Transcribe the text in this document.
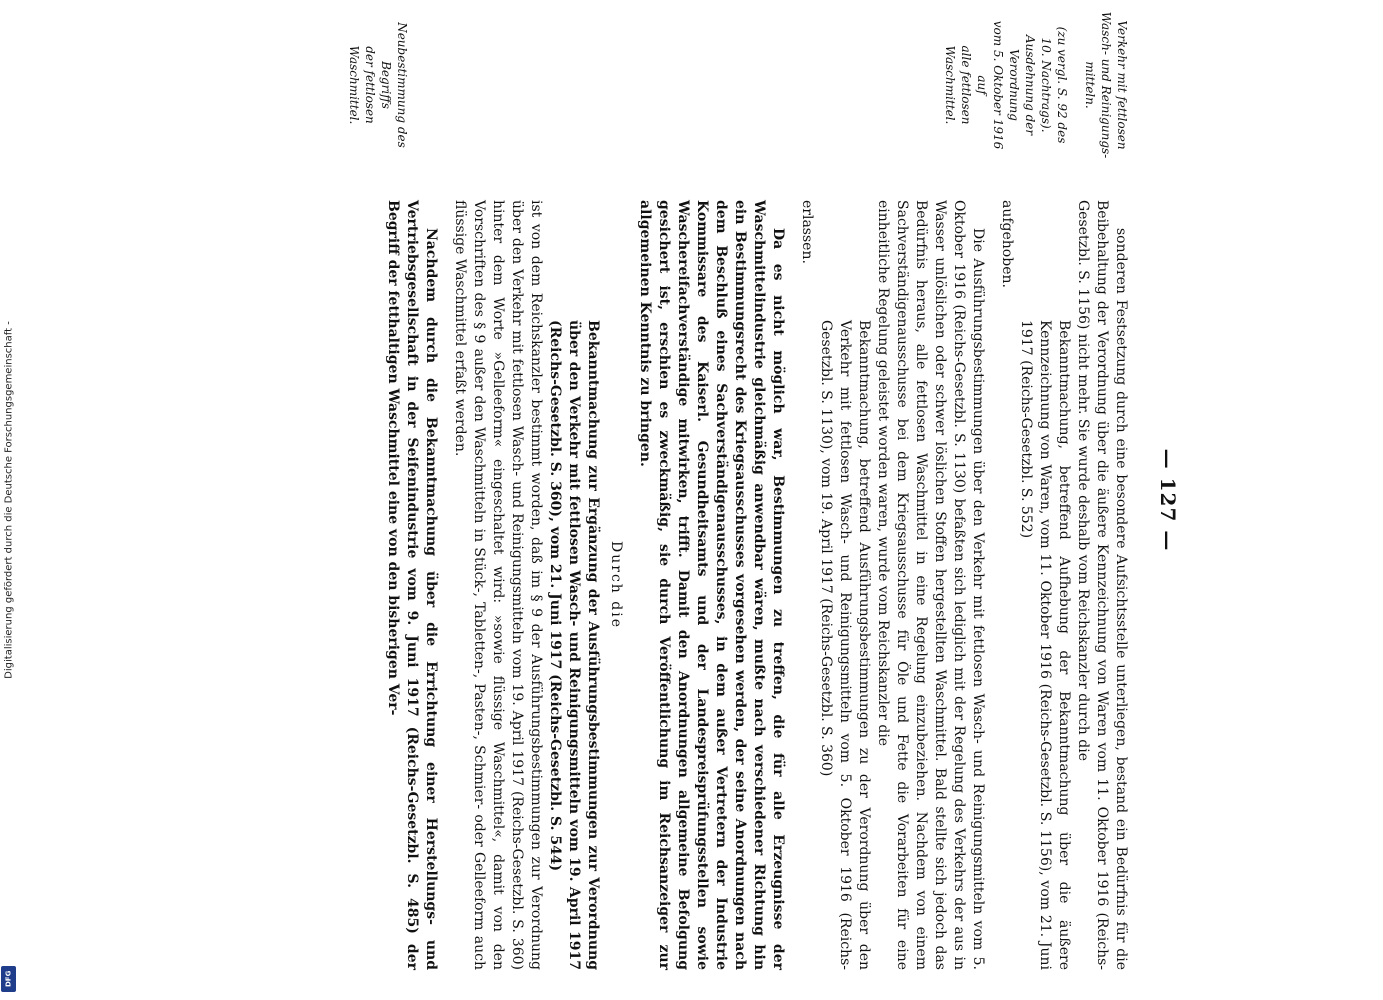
Digitalisierung gefördert durch die Deutsche Forschungsgemeinschaft -
DFG
— 127 —
Verkehr mit fettlosen
Wasch- und Reinigungs-
mitteln.
(zu vergl. S. 92 des
10. Nachtrags).
Ausdehnung der Verordnung
vom 5. Oktober 1916 auf
alle fettlosen Waschmittel.
Neubestimmung des Begriffs
der fettlosen Waschmittel.

sonderen Festsetzung durch eine besondere Aufsichtsstelle unterliegen, bestand ein Bedürfnis für die Beibehaltung der Verordnung über die äußere Kennzeichnung von Waren vom 11. Oktober 1916 (Reichs-Gesetzbl. S. 1156) nicht mehr. Sie wurde deshalb vom Reichskanzler durch die
Bekanntmachung, betreffend Aufhebung der Bekanntmachung über die äußere Kennzeichnung von Waren, vom 11. Oktober 1916 (Reichs-Gesetzbl. S. 1156), vom 21. Juni 1917 (Reichs-Gesetzbl. S. 552)
aufgehoben.

Die Ausführungsbestimmungen über den Verkehr mit fettlosen Wasch- und Reinigungsmitteln vom 5. Oktober 1916 (Reichs-Gesetzbl. S. 1130) befaßten sich lediglich mit der Regelung des Verkehrs der aus in Wasser unlöslichen oder schwer löslichen Stoffen hergestellten Waschmittel. Bald stellte sich jedoch das Bedürfnis heraus, alle fettlosen Waschmittel in eine Regelung einzubeziehen. Nachdem von einem Sachverständigenausschusse bei dem Kriegsausschusse für Öle und Fette die Vorarbeiten für eine einheitliche Regelung geleistet worden waren, wurde vom Reichskanzler die
Bekanntmachung, betreffend Ausführungsbestimmungen zu der Verordnung über den Verkehr mit fettlosen Wasch- und Reinigungsmitteln vom 5. Oktober 1916 (Reichs-Gesetzbl. S. 1130), vom 19. April 1917 (Reichs-Gesetzbl. S. 360)
erlassen.

Da es nicht möglich war, Bestimmungen zu treffen, die für alle Erzeugnisse der Waschmittelindustrie gleichmäßig anwendbar wären, mußte nach verschiedener Richtung hin ein Bestimmungsrecht des Kriegsausschusses vorgesehen werden, der seine Anordnungen nach dem Beschluß eines Sachverständigenausschusses, in dem außer Vertretern der Industrie Kommissare des Kaiserl. Gesundheitsamts und der Landespreisprüfungsstellen sowie Waschereifachverständige mitwirken, trifft. Damit den Anordnungen allgemeine Befolgung gesichert ist, erschien es zweckmäßig, sie durch Veröffentlichung im Reichsanzeiger zur allgemeinen Kenntnis zu bringen.

Durch die
Bekanntmachung zur Ergänzung der Ausführungsbestimmungen zur Verordnung über den Verkehr mit fettlosen Wasch- und Reinigungsmitteln vom 19. April 1917 (Reichs-Gesetzbl. S. 360), vom 21. Juni 1917 (Reichs-Gesetzbl. S. 544)
ist von dem Reichskanzler bestimmt worden, daß im § 9 der Ausführungsbestimmungen zur Verordnung über den Verkehr mit fettlosen Wasch- und Reinigungsmitteln vom 19. April 1917 (Reichs-Gesetzbl. S. 360) hinter dem Worte »Gelleeform« eingeschaltet wird: »sowie flüssige Waschmittel«, damit von den Vorschriften des § 9 außer den Waschmitteln in Stück-, Tabletten-, Pasten-, Schmier- oder Gelleeform auch flüssige Waschmittel erfaßt werden.

Nachdem durch die Bekanntmachung über die Errichtung einer Herstellungs- und Vertriebsgesellschaft in der Seifenindustrie vom 9. Juni 1917 (Reichs-Gesetzbl. S. 485) der Begriff der fetthaltigen Waschmittel eine von den bisherigen Ver-
